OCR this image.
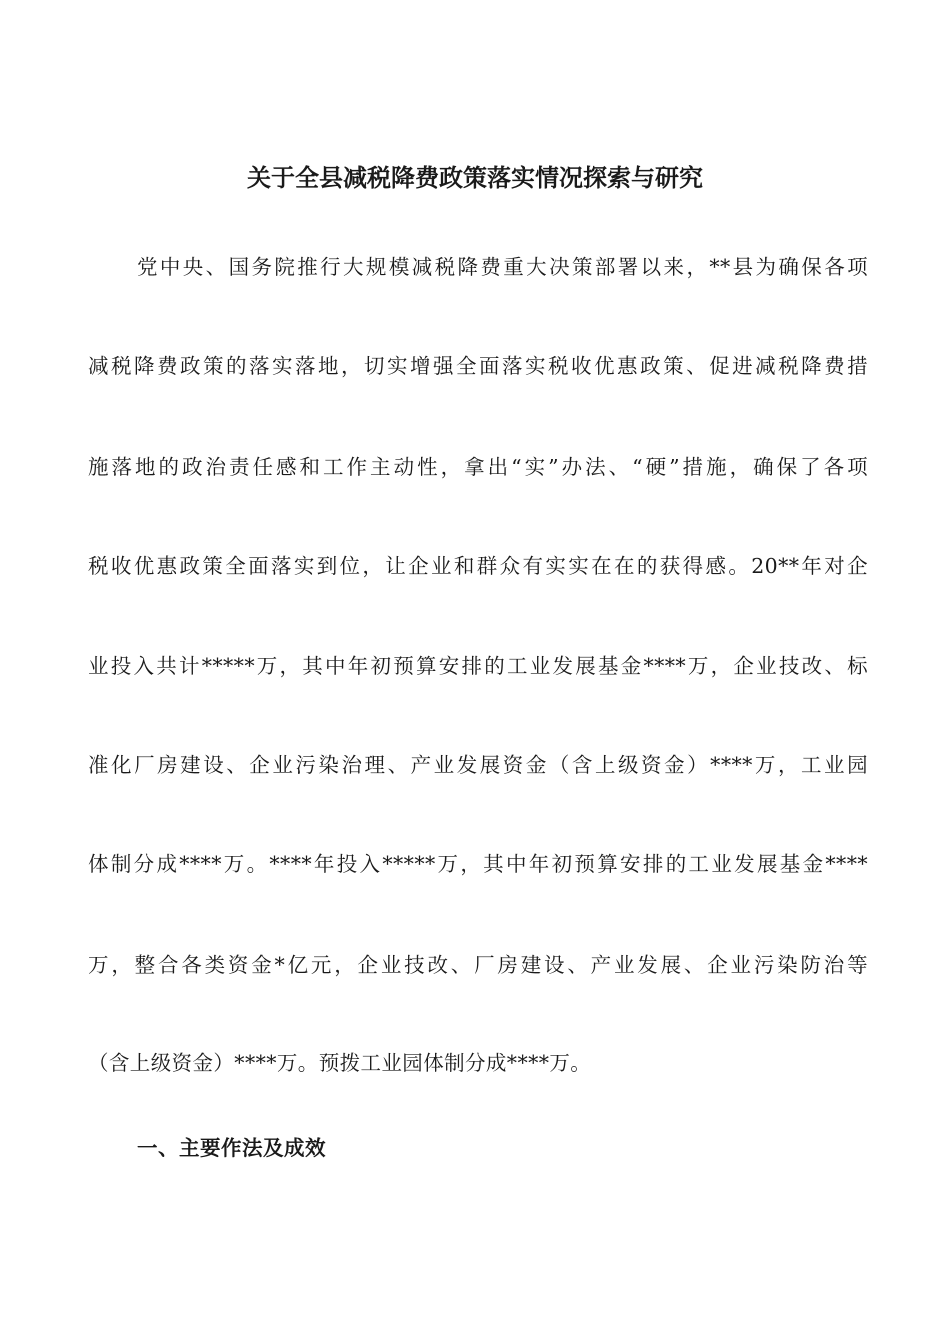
关于全县减税降费政策落实情况探索与研究

党中央、国务院推行大规模减税降费重大决策部署以来，**县为确保各项

减税降费政策的落实落地，切实增强全面落实税收优惠政策、促进减税降费措

施落地的政治责任感和工作主动性，拿出“实”办法、“硬”措施，确保了各项

税收优惠政策全面落实到位，让企业和群众有实实在在的获得感。20**年对企

业投入共计*****万，其中年初预算安排的工业发展基金****万，企业技改、标

准化厂房建设、企业污染治理、产业发展资金（含上级资金）****万，工业园

体制分成****万。****年投入*****万，其中年初预算安排的工业发展基金****

万，整合各类资金*亿元，企业技改、厂房建设、产业发展、企业污染防治等

（含上级资金）****万。预拨工业园体制分成****万。

一、主要作法及成效
